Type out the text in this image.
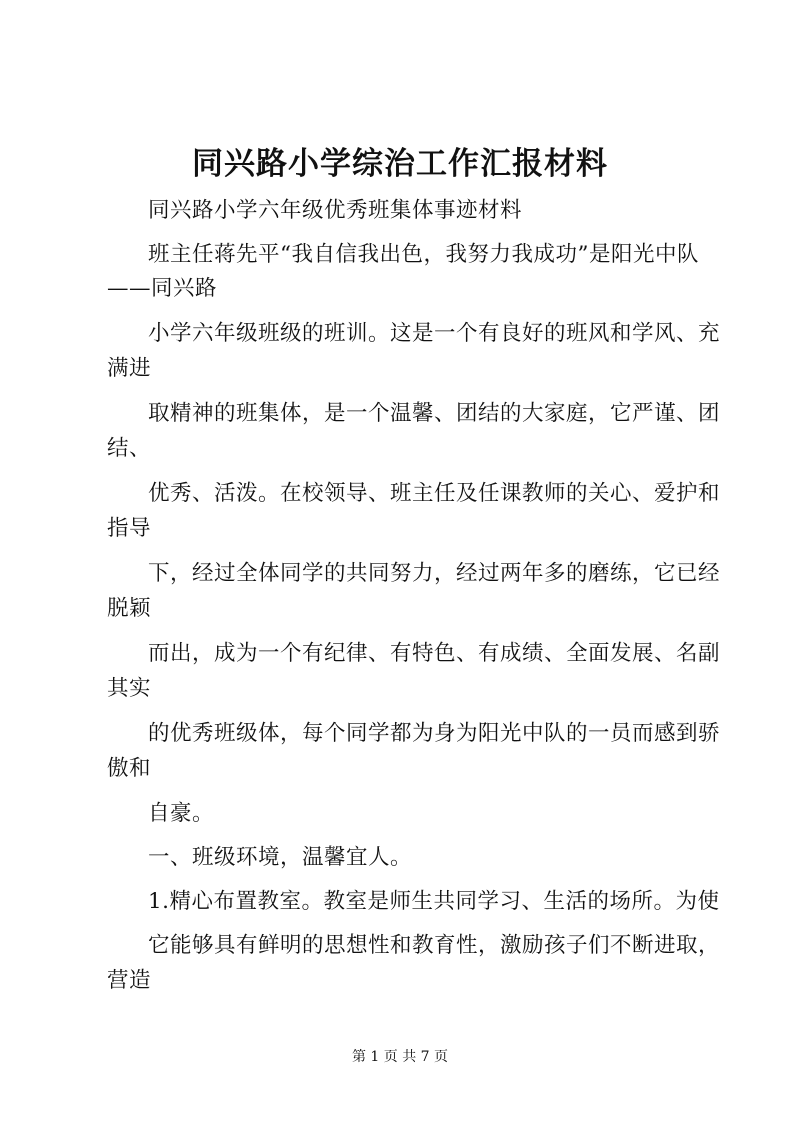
同兴路小学综治工作汇报材料

同兴路小学六年级优秀班集体事迹材料

班主任蒋先平“我自信我出色，我努力我成功”是阳光中队

——同兴路

小学六年级班级的班训。这是一个有良好的班风和学风、充

满进

取精神的班集体，是一个温馨、团结的大家庭，它严谨、团

结、

优秀、活泼。在校领导、班主任及任课教师的关心、爱护和

指导

下，经过全体同学的共同努力，经过两年多的磨练，它已经

脱颖

而出，成为一个有纪律、有特色、有成绩、全面发展、名副

其实

的优秀班级体，每个同学都为身为阳光中队的一员而感到骄

傲和

自豪。

一、班级环境，温馨宜人。

1.精心布置教室。教室是师生共同学习、生活的场所。为使

它能够具有鲜明的思想性和教育性，激励孩子们不断进取，

营造

第 1 页 共 7 页
